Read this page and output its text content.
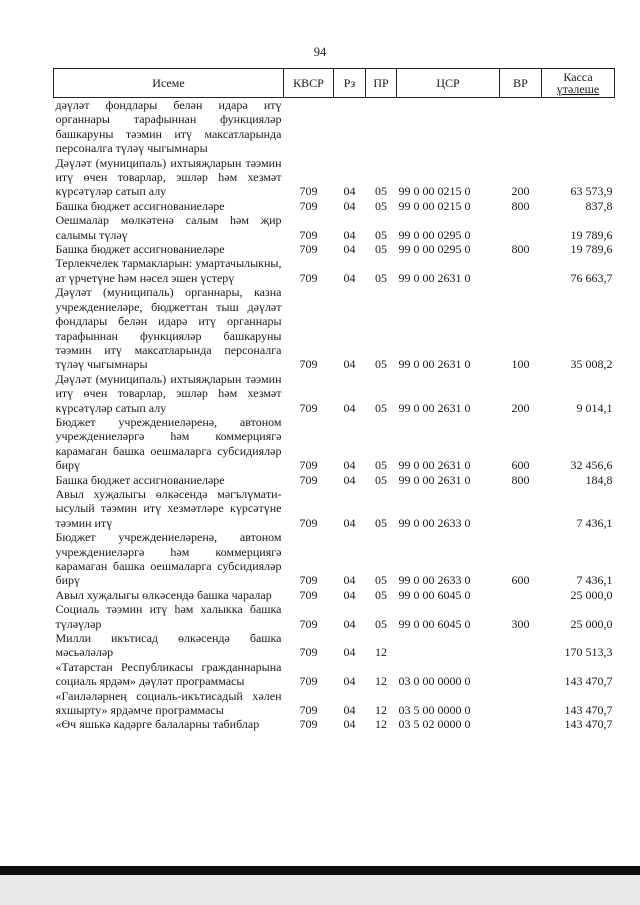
94
Исеме	КВСР	Рз	ПР	ЦСР	ВР	Касса
үтәлеше

дәүләт фондлары белән идарә итү органнары тарафыннан функцияләр башкаруны тәэмин итү максатларында персоналга түләү чыгымнары						
Дәүләт (муниципаль) ихтыяҗларын тәэмин итү өчен товарлар, эшләр һәм хезмәт күрсәтүләр сатып алу	709	04	05	99 0 00 0215 0	200	63 573,9
Башка бюджет ассигнованиеләре	709	04	05	99 0 00 0215 0	800	837,8
Оешмалар мөлкәтенә салым һәм җир салымы түләү	709	04	05	99 0 00 0295 0		19 789,6
Башка бюджет ассигнованиеләре	709	04	05	99 0 00 0295 0	800	19 789,6
Терлекчелек тармакларын: умартачылыкны, ат үрчетүне һәм нәсел эшен үстерү	709	04	05	99 0 00 2631 0		76 663,7
Дәүләт (муниципаль) органнары, казна учреждениеләре, бюджеттан тыш дәүләт фондлары белән идарә итү органнары тарафыннан функцияләр башкаруны тәэмин итү максатларында персоналга түләү чыгымнары	709	04	05	99 0 00 2631 0	100	35 008,2
Дәүләт (муниципаль) ихтыяҗларын тәэмин итү өчен товарлар, эшләр һәм хезмәт күрсәтүләр сатып алу	709	04	05	99 0 00 2631 0	200	9 014,1
Бюджет учреждениеләренә, автоном учреждениеләргә һәм коммерциягә карамаган башка оешмаларга субсидияләр бирү	709	04	05	99 0 00 2631 0	600	32 456,6
Башка бюджет ассигнованиеләре	709	04	05	99 0 00 2631 0	800	184,8
Авыл хуҗалыгы өлкәсендә мәгълүмати-ысулый тәэмин итү хезмәтләре күрсәтүне тәэмин итү	709	04	05	99 0 00 2633 0		7 436,1
Бюджет учреждениеләренә, автоном учреждениеләргә һәм коммерциягә карамаган башка оешмаларга субсидияләр бирү	709	04	05	99 0 00 2633 0	600	7 436,1
Авыл хуҗалыгы өлкәсендә башка чаралар	709	04	05	99 0 00 6045 0		25 000,0
Социаль тәэмин итү һәм халыкка башка түләүләр	709	04	05	99 0 00 6045 0	300	25 000,0
Милли икътисад өлкәсендә башка мәсьәләләр	709	04	12			170 513,3
«Татарстан Республикасы гражданнарына социаль ярдәм» дәүләт программасы	709	04	12	03 0 00 0000 0		143 470,7
«Гаиләләрнең социаль-икътисадый хәлен яхшырту» ярдәмче программасы	709	04	12	03 5 00 0000 0		143 470,7
«Өч яшькә кадәрге балаларны табиблар	709	04	12	03 5 02 0000 0		143 470,7
